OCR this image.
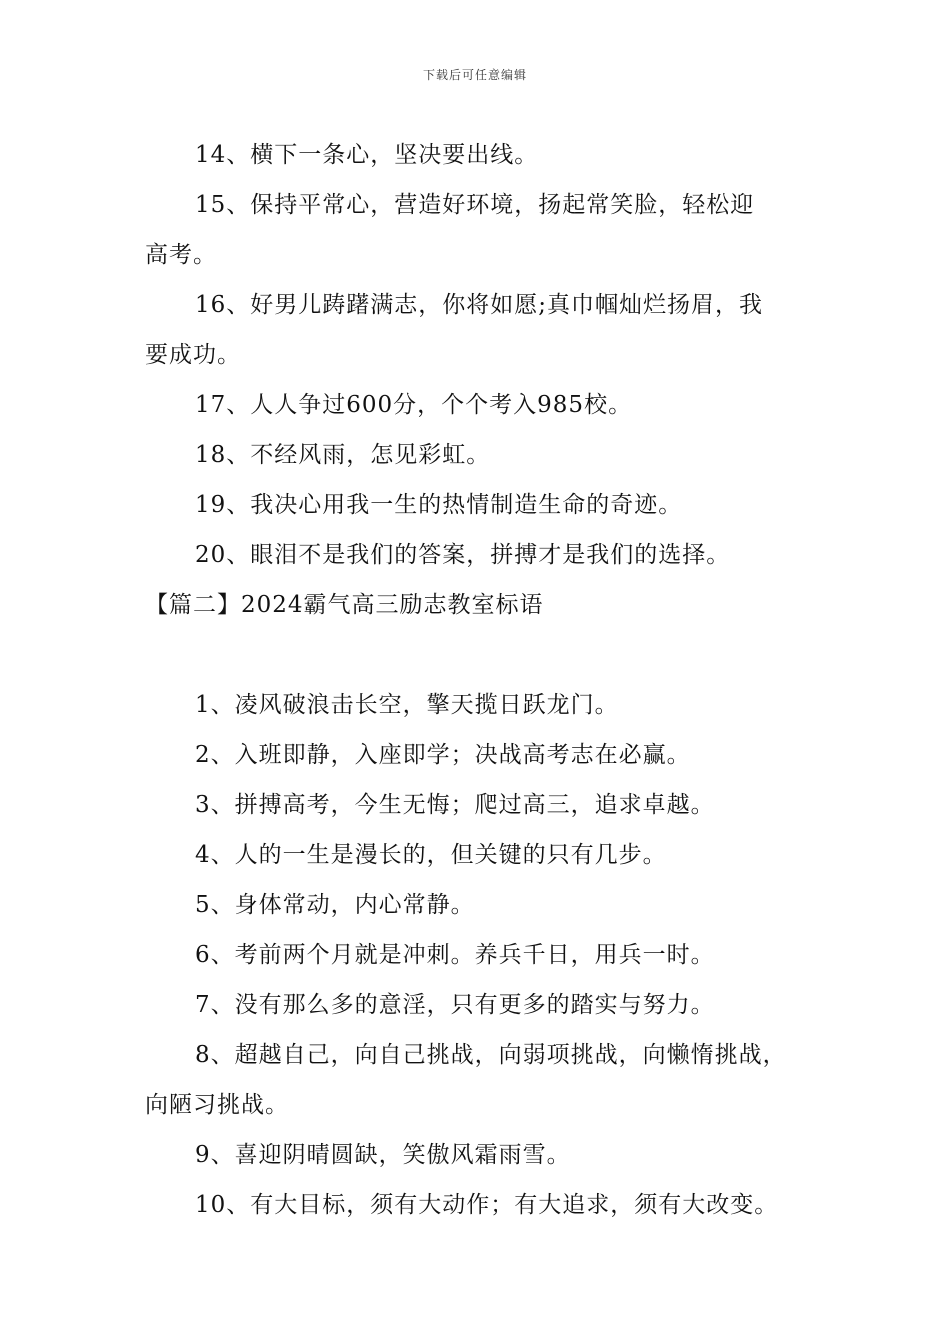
下载后可任意编辑
14、横下一条心，坚决要出线。
15、保持平常心，营造好环境，扬起常笑脸，轻松迎
高考。
16、好男儿踌躇满志，你将如愿;真巾帼灿烂扬眉，我
要成功。
17、人人争过600分，个个考入985校。
18、不经风雨，怎见彩虹。
19、我决心用我一生的热情制造生命的奇迹。
20、眼泪不是我们的答案，拼搏才是我们的选择。
【篇二】2024霸气高三励志教室标语
1、凌风破浪击长空，擎天揽日跃龙门。
2、入班即静，入座即学；决战高考志在必赢。
3、拼搏高考，今生无悔；爬过高三，追求卓越。
4、人的一生是漫长的，但关键的只有几步。
5、身体常动，内心常静。
6、考前两个月就是冲刺。养兵千日，用兵一时。
7、没有那么多的意淫，只有更多的踏实与努力。
8、超越自己，向自己挑战，向弱项挑战，向懒惰挑战，
向陋习挑战。
9、喜迎阴晴圆缺，笑傲风霜雨雪。
10、有大目标，须有大动作；有大追求，须有大改变。
